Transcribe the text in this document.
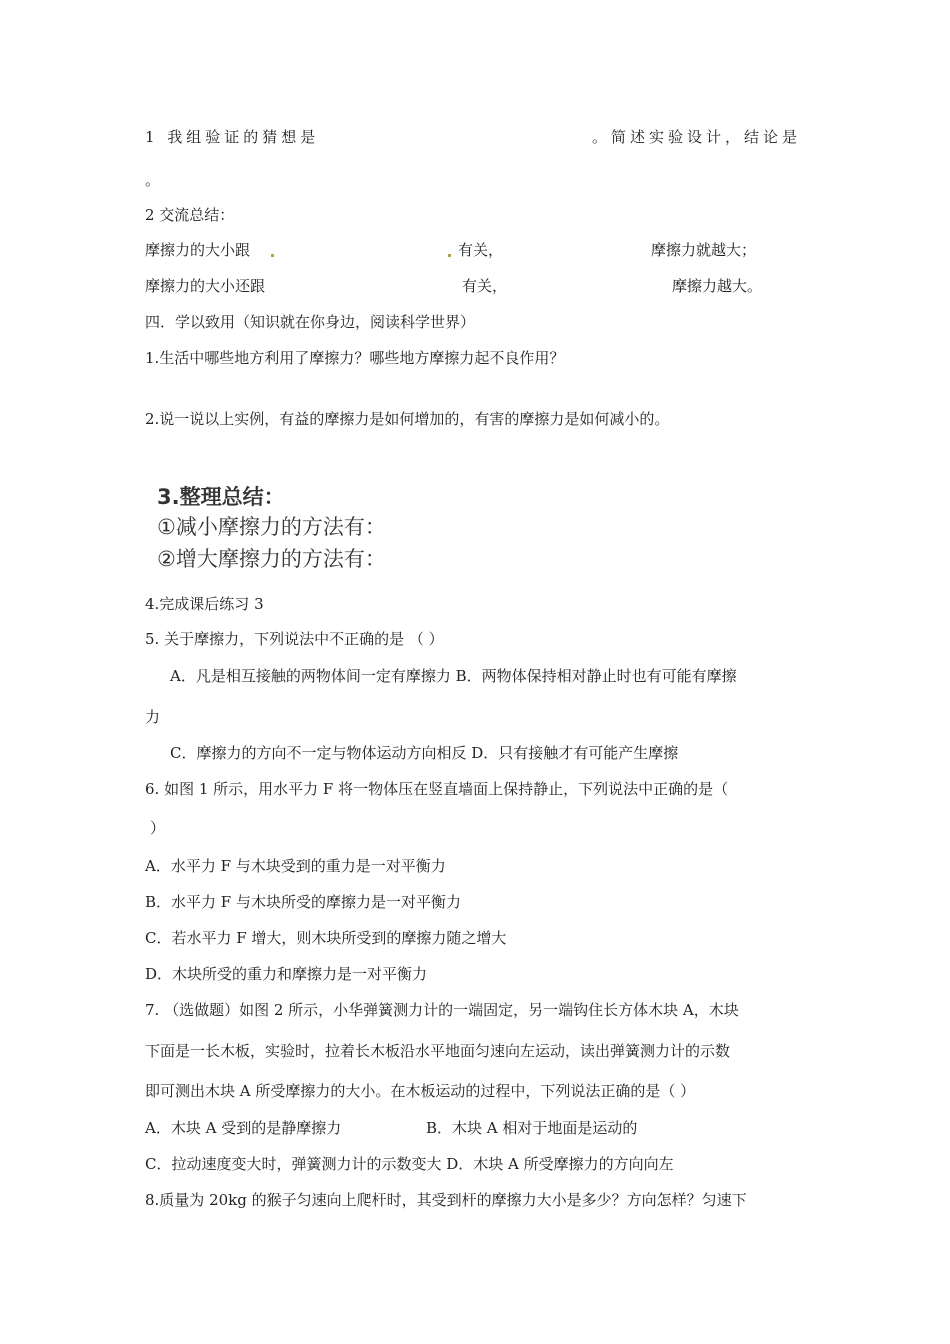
1 我组验证的猜想是	。简述实验设计，结论是
。
2 交流总结：
摩擦力的大小跟	有关，	摩擦力就越大；
摩擦力的大小还跟	有关，	摩擦力越大。
四．学以致用（知识就在你身边，阅读科学世界）
1.生活中哪些地方利用了摩擦力？哪些地方摩擦力起不良作用？
2.说一说以上实例，有益的摩擦力是如何增加的，有害的摩擦力是如何减小的。
3.整理总结：
①减小摩擦力的方法有：
②增大摩擦力的方法有：
4.完成课后练习 3
5. 关于摩擦力，下列说法中不正确的是 （ ）
A．凡是相互接触的两物体间一定有摩擦力 B．两物体保持相对静止时也有可能有摩擦
力
C．摩擦力的方向不一定与物体运动方向相反 D．只有接触才有可能产生摩擦
6. 如图 1 所示，用水平力 F 将一物体压在竖直墙面上保持静止，下列说法中正确的是（
）
A．水平力 F 与木块受到的重力是一对平衡力
B．水平力 F 与木块所受的摩擦力是一对平衡力
C．若水平力 F 增大，则木块所受到的摩擦力随之增大
D．木块所受的重力和摩擦力是一对平衡力
7. （选做题）如图 2 所示，小华弹簧测力计的一端固定，另一端钩住长方体木块 A，木块
下面是一长木板，实验时，拉着长木板沿水平地面匀速向左运动，读出弹簧测力计的示数
即可测出木块 A 所受摩擦力的大小。在木板运动的过程中，下列说法正确的是（ ）
A．木块 A 受到的是静摩擦力	B．木块 A 相对于地面是运动的
C．拉动速度变大时，弹簧测力计的示数变大 D．木块 A 所受摩擦力的方向向左
8.质量为 20kg 的猴子匀速向上爬杆时，其受到杆的摩擦力大小是多少？方向怎样？匀速下
